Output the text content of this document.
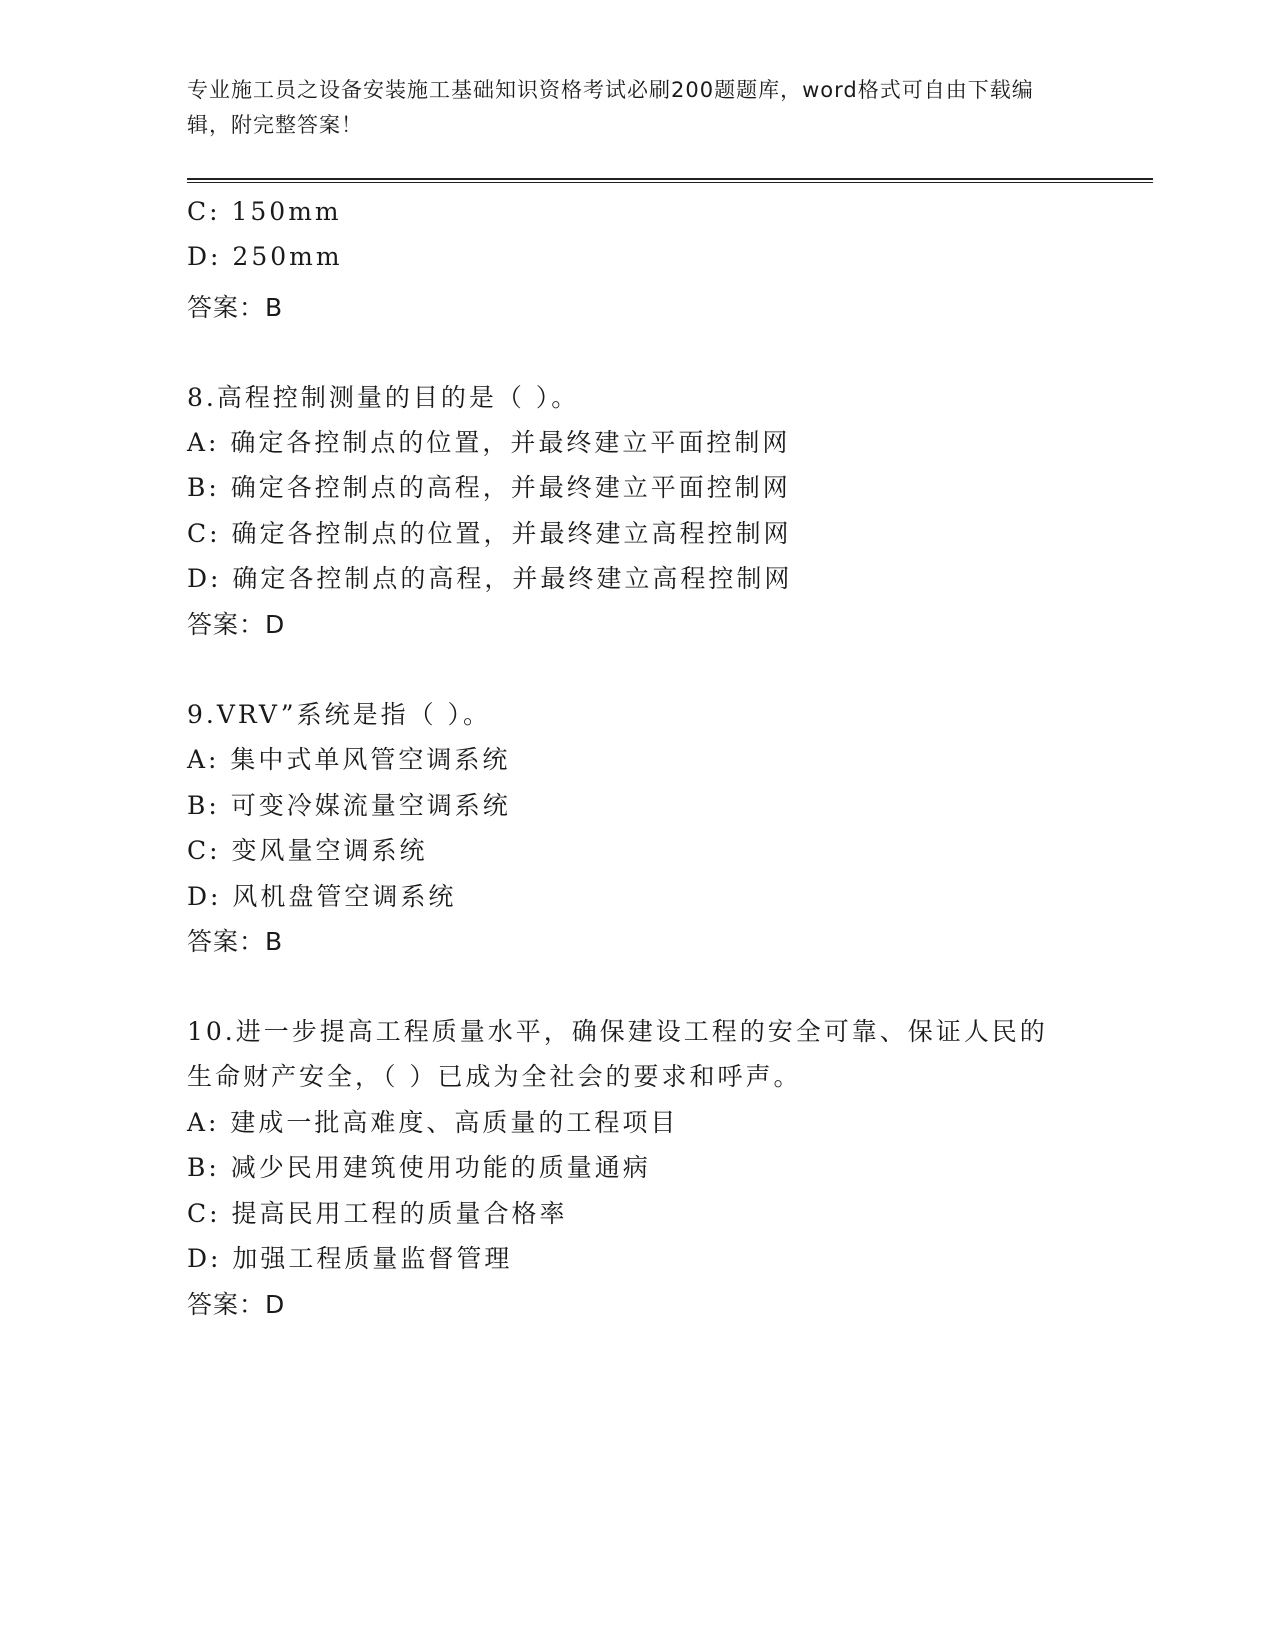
专业施工员之设备安装施工基础知识资格考试必刷200题题库，word格式可自由下载编辑，附完整答案！
C: 150mm
D: 250mm
答案：B
8.高程控制测量的目的是（ ）。
A: 确定各控制点的位置，并最终建立平面控制网
B: 确定各控制点的高程，并最终建立平面控制网
C: 确定各控制点的位置，并最终建立高程控制网
D: 确定各控制点的高程，并最终建立高程控制网
答案：D
9.VRV”系统是指（ ）。
A: 集中式单风管空调系统
B: 可变冷媒流量空调系统
C: 变风量空调系统
D: 风机盘管空调系统
答案：B
10.进一步提高工程质量水平，确保建设工程的安全可靠、保证人民的
生命财产安全，（ ）已成为全社会的要求和呼声。
A: 建成一批高难度、高质量的工程项目
B: 减少民用建筑使用功能的质量通病
C: 提高民用工程的质量合格率
D: 加强工程质量监督管理
答案：D
